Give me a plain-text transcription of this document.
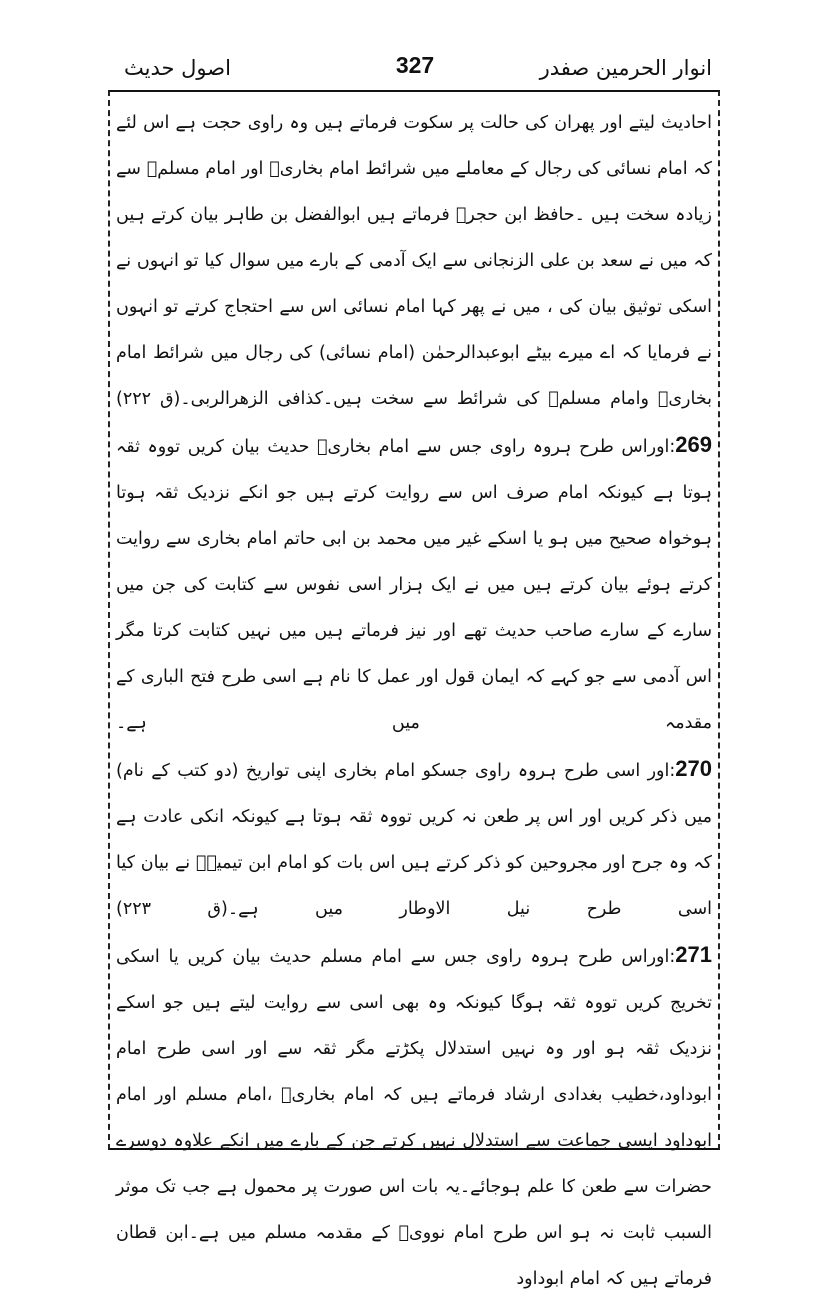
انوار الحرمین صفدر
327
اصول حدیث

احادیث لیتے اور پھران کی حالت پر سکوت فرماتے ہیں وہ راوی حجت ہے اس لئے کہ امام نسائی کی رجال کے معاملے میں شرائط امام بخاریؒ اور امام مسلمؒ سے زیادہ سخت ہیں ۔حافظ ابن حجرؒ فرماتے ہیں ابوالفضل بن طاہر بیان کرتے ہیں کہ میں نے سعد بن علی الزنجانی سے ایک آدمی کے بارے میں سوال کیا تو انہوں نے اسکی توثیق بیان کی ، میں نے پھر کہا امام نسائی اس سے احتجاج کرتے تو انہوں نے فرمایا کہ اے میرے بیٹے ابوعبدالرحمٰن (امام نسائی) کی رجال میں شرائط امام بخاریؒ وامام مسلمؒ کی شرائط سے سخت ہیں۔کذافی الزھرالربی۔(ق ۲۲۲)

269:اوراس طرح ہروہ راوی جس سے امام بخاریؒ حدیث بیان کریں تووہ ثقہ ہوتا ہے کیونکہ امام صرف اس سے روایت کرتے ہیں جو انکے نزدیک ثقہ ہوتا ہوخواہ صحیح میں ہو یا اسکے غیر میں محمد بن ابی حاتم امام بخاری سے روایت کرتے ہوئے بیان کرتے ہیں میں نے ایک ہزار اسی نفوس سے کتابت کی جن میں سارے کے سارے صاحب حدیث تھے اور نیز فرماتے ہیں میں نہیں کتابت کرتا مگر اس آدمی سے جو کہے کہ ایمان قول اور عمل کا نام ہے اسی طرح فتح الباری کے مقدمہ میں ہے۔

270:اور اسی طرح ہروہ راوی جسکو امام بخاری اپنی تواریخ (دو کتب کے نام) میں ذکر کریں اور اس پر طعن نہ کریں تووہ ثقہ ہوتا ہے کیونکہ انکی عادت ہے کہ وہ جرح اور مجروحین کو ذکر کرتے ہیں اس بات کو امام ابن تیمیہؒ نے بیان کیا اسی طرح نیل الاوطار میں ہے۔(ق ۲۲۳)

271:اوراس طرح ہروہ راوی جس سے امام مسلم حدیث بیان کریں یا اسکی تخریج کریں تووہ ثقہ ہوگا کیونکہ وہ بھی اسی سے روایت لیتے ہیں جو اسکے نزدیک ثقہ ہو اور وہ نہیں استدلال پکڑتے مگر ثقہ سے اور اسی طرح امام ابوداود،خطیب بغدادی ارشاد فرماتے ہیں کہ امام بخاریؒ ،امام مسلم اور امام ابوداود ایسی جماعت سے استدلال نہیں کرتے جن کے بارے میں انکے علاوہ دوسرے حضرات سے طعن کا علم ہوجائے۔یہ بات اس صورت پر محمول ہے جب تک موثر السبب ثابت نہ ہو اس طرح امام نوویؒ کے مقدمہ مسلم میں ہے۔ابن قطان فرماتے ہیں کہ امام ابوداود
